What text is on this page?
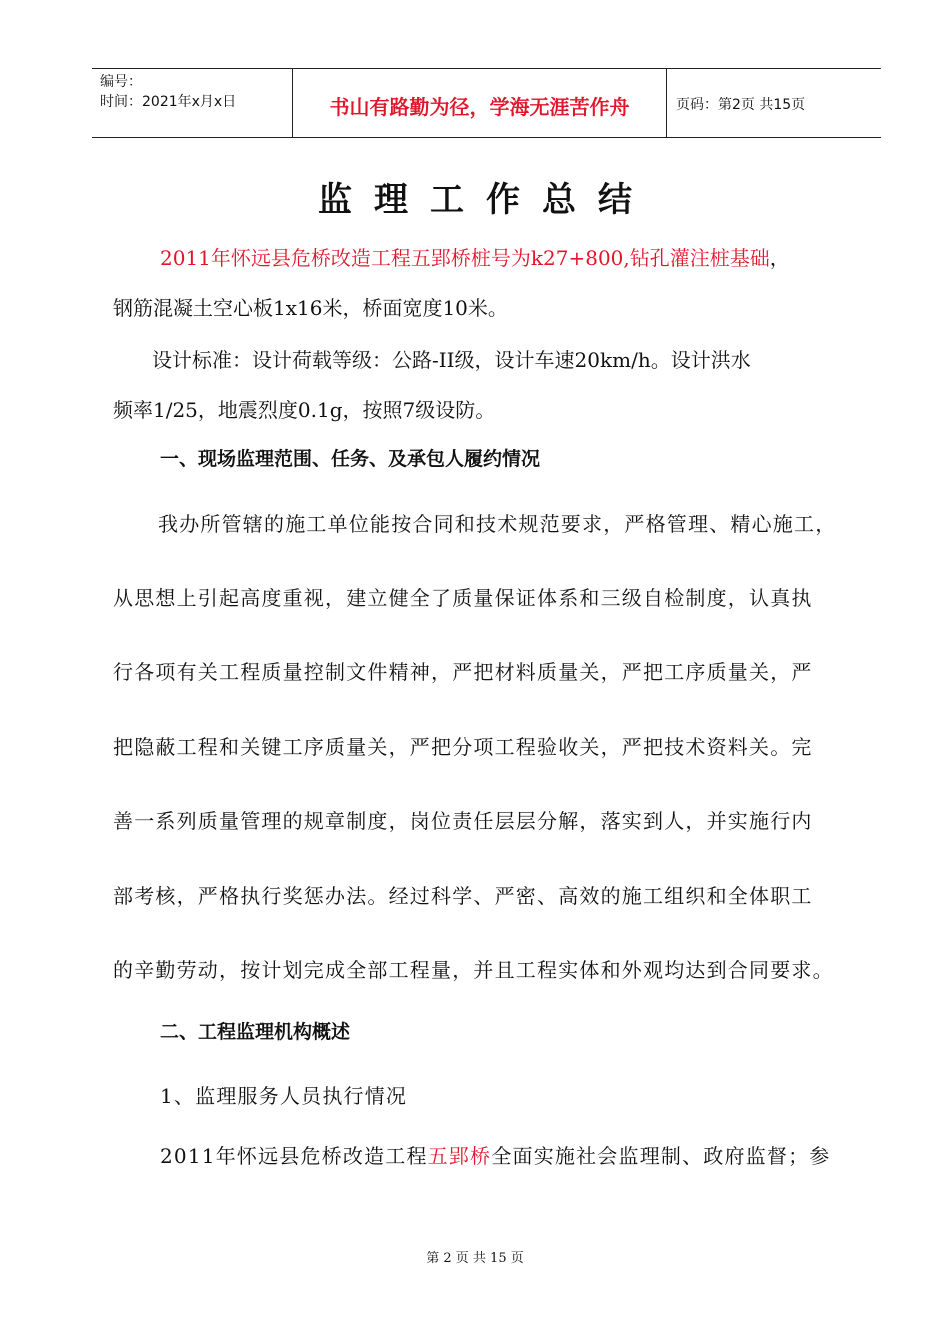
编号：
时间：2021年x月x日	书山有路勤为径，学海无涯苦作舟	页码：第2页 共15页
监理工作总结
2011年怀远县危桥改造工程五郢桥桩号为k27+800,钻孔灌注桩基础，
钢筋混凝土空心板1x16米，桥面宽度10米。
设计标准：设计荷载等级：公路-II级，设计车速20km/h。设计洪水
频率1/25，地震烈度0.1g，按照7级设防。
一、现场监理范围、任务、及承包人履约情况
我办所管辖的施工单位能按合同和技术规范要求，严格管理、精心施工，
从思想上引起高度重视，建立健全了质量保证体系和三级自检制度，认真执
行各项有关工程质量控制文件精神，严把材料质量关，严把工序质量关，严
把隐蔽工程和关键工序质量关，严把分项工程验收关，严把技术资料关。完
善一系列质量管理的规章制度，岗位责任层层分解，落实到人，并实施行内
部考核，严格执行奖惩办法。经过科学、严密、高效的施工组织和全体职工
的辛勤劳动，按计划完成全部工程量，并且工程实体和外观均达到合同要求。
二、工程监理机构概述
1、监理服务人员执行情况
2011年怀远县危桥改造工程五郢桥全面实施社会监理制、政府监督；参
第 2 页 共 15 页
